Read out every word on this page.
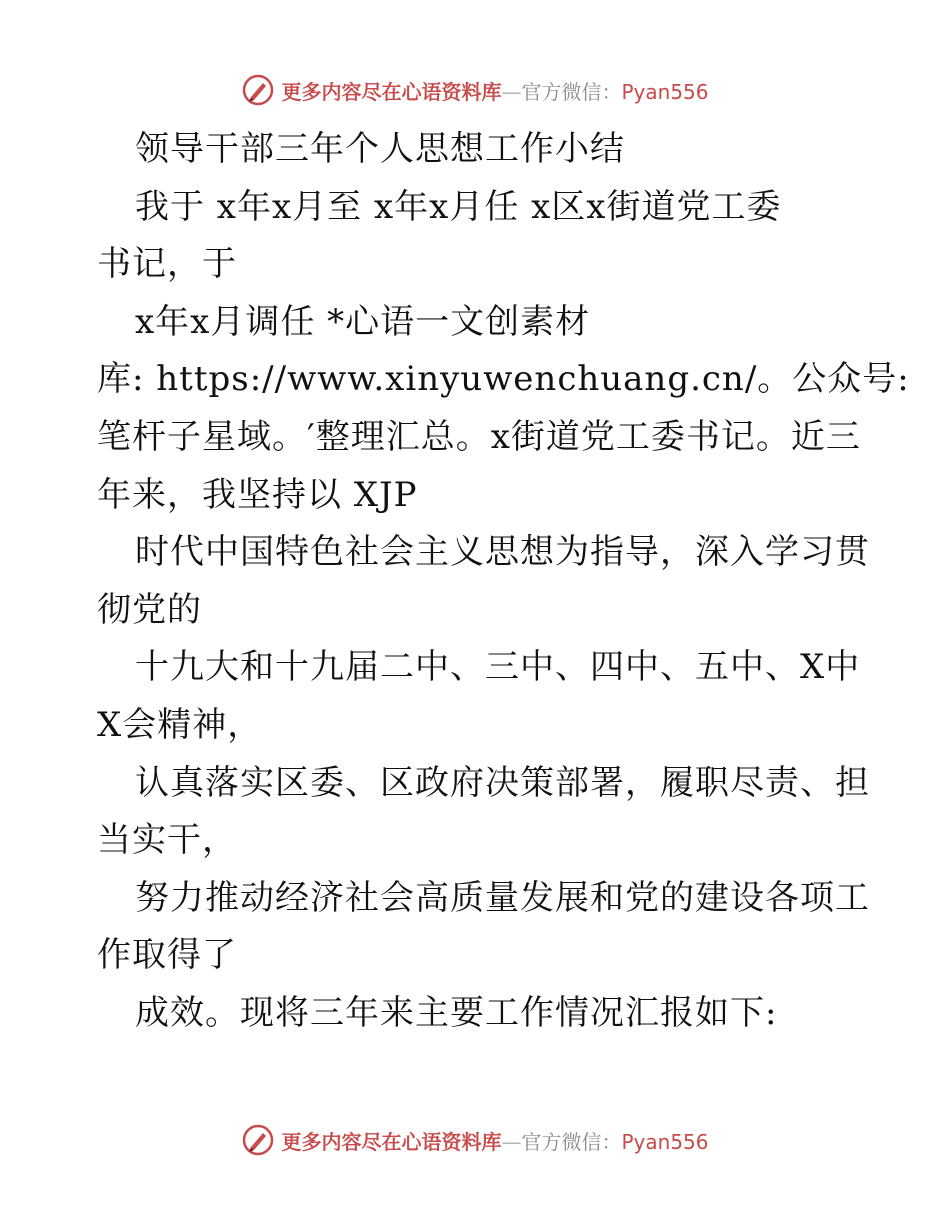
更多内容尽在心语资料库—官方微信：Pyan556
领导干部三年个人思想工作小结
我于 x年x月至 x年x月任 x区x街道党工委
书记，于
x年x月调任 *心语一文创素材
库: https://www.xinyuwenchuang.cn/。公众号:
笔杆子星域。′整理汇总。x街道党工委书记。近三
年来，我坚持以 XJP
时代中国特色社会主义思想为指导，深入学习贯
彻党的
十九大和十九届二中、三中、四中、五中、X中
X会精神，
认真落实区委、区政府决策部署，履职尽责、担
当实干，
努力推动经济社会高质量发展和党的建设各项工
作取得了
成效。现将三年来主要工作情况汇报如下:
更多内容尽在心语资料库—官方微信：Pyan556
